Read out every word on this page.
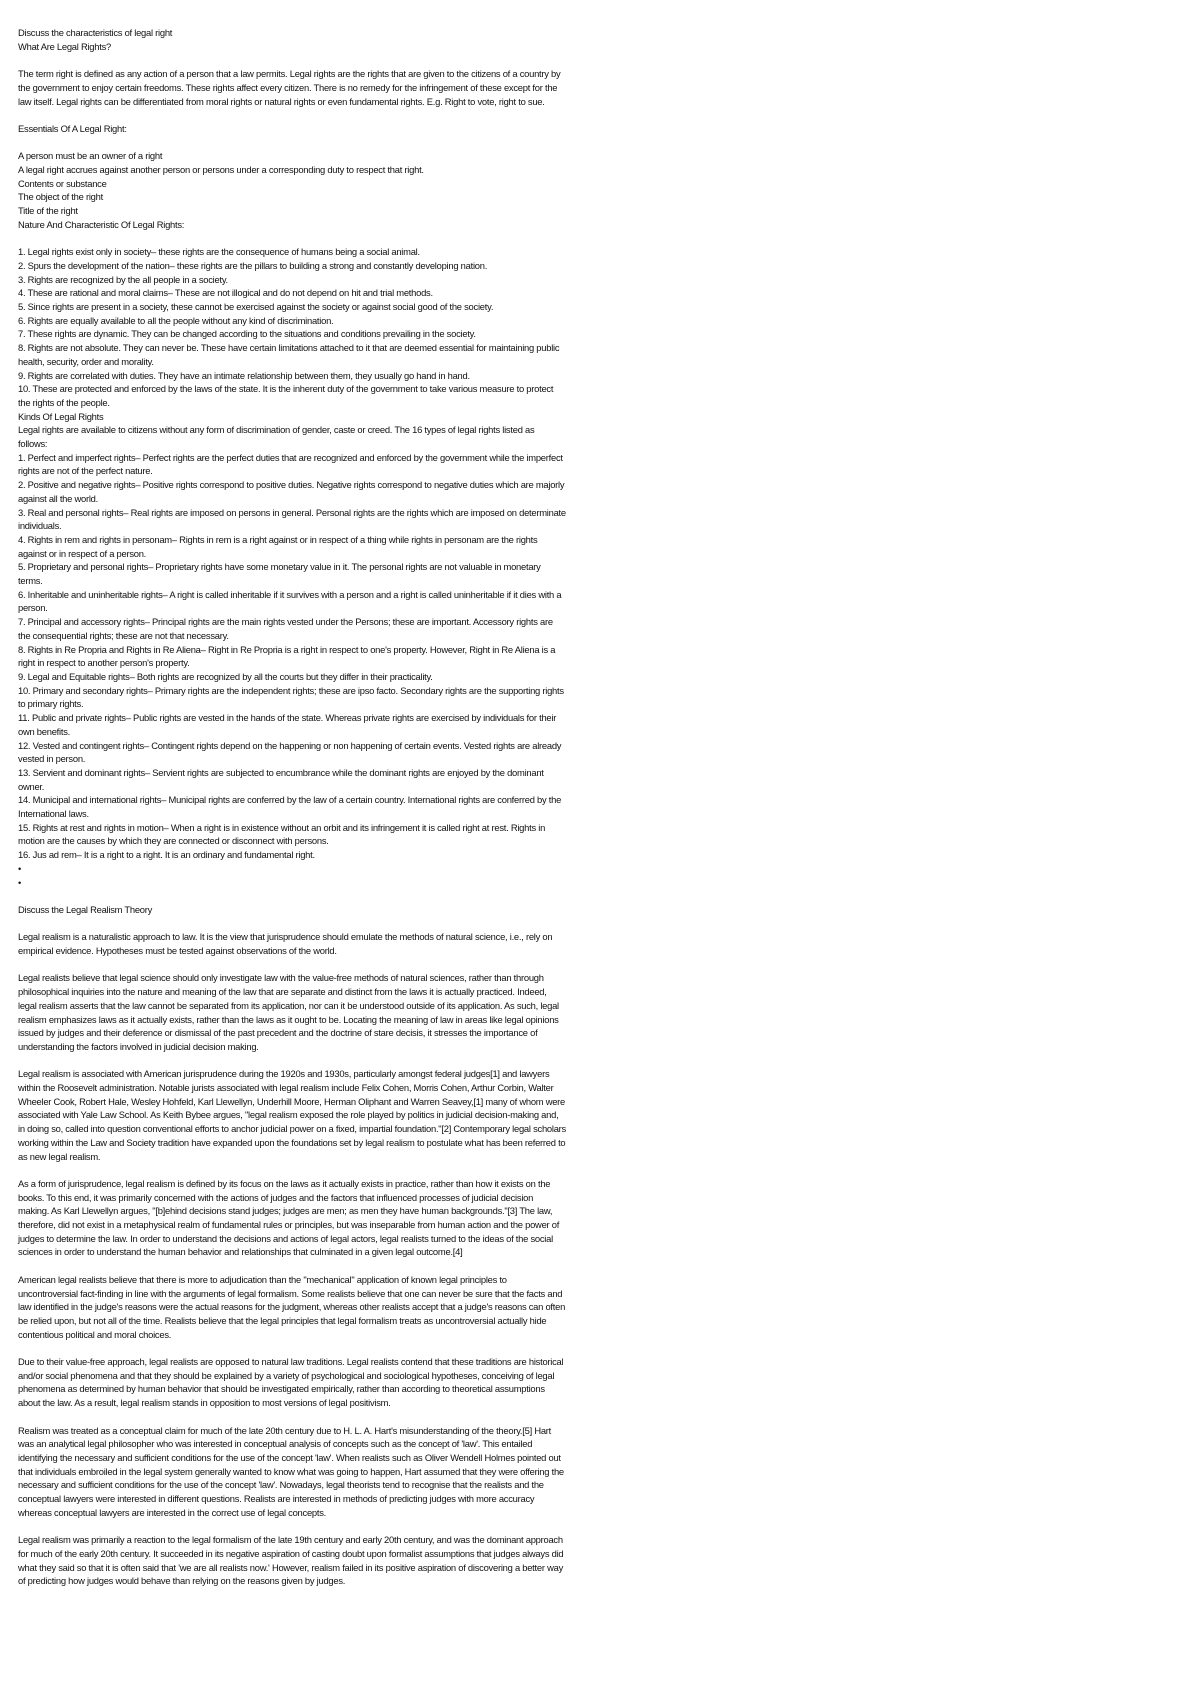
Discuss the characteristics of legal right
What Are Legal Rights?

The term right is defined as any action of a person that a law permits. Legal rights are the rights that are given to the citizens of a country by the government to enjoy certain freedoms. These rights affect every citizen. There is no remedy for the infringement of these except for the law itself. Legal rights can be differentiated from moral rights or natural rights or even fundamental rights. E.g. Right to vote, right to sue.

Essentials Of A Legal Right:
A person must be an owner of a right
A legal right accrues against another person or persons under a corresponding duty to respect that right.
Contents or substance
The object of the right
Title of the right
Nature And Characteristic Of Legal Rights:

1. Legal rights exist only in society– these rights are the consequence of humans being a social animal.

2. Spurs the development of the nation– these rights are the pillars to building a strong and constantly developing nation.

3. Rights are recognized by the all people in a society.

4. These are rational and moral claims– These are not illogical and do not depend on hit and trial methods.

5. Since rights are present in a society, these cannot be exercised against the society or against social good of the society.

6. Rights are equally available to all the people without any kind of discrimination.

7. These rights are dynamic. They can be changed according to the situations and conditions prevailing in the society.

8. Rights are not absolute. They can never be. These have certain limitations attached to it that are deemed essential for maintaining public health, security, order and morality.

9. Rights are correlated with duties. They have an intimate relationship between them, they usually go hand in hand.

10. These are protected and enforced by the laws of the state. It is the inherent duty of the government to take various measure to protect the rights of the people.

Kinds Of Legal Rights

Legal rights are available to citizens without any form of discrimination of gender, caste or creed. The 16 types of legal rights listed as follows:

1. Perfect and imperfect rights– Perfect rights are the perfect duties that are recognized and enforced by the government while the imperfect rights are not of the perfect nature.

2. Positive and negative rights– Positive rights correspond to positive duties. Negative rights correspond to negative duties which are majorly against all the world.

3. Real and personal rights– Real rights are imposed on persons in general. Personal rights are the rights which are imposed on determinate individuals.

4. Rights in rem and rights in personam– Rights in rem is a right against or in respect of a thing while rights in personam are the rights against or in respect of a person.

5. Proprietary and personal rights– Proprietary rights have some monetary value in it. The personal rights are not valuable in monetary terms.

6. Inheritable and uninheritable rights– A right is called inheritable if it survives with a person and a right is called uninheritable if it dies with a person.

7. Principal and accessory rights– Principal rights are the main rights vested under the Persons; these are important. Accessory rights are the consequential rights; these are not that necessary.

8. Rights in Re Propria and Rights in Re Aliena– Right in Re Propria is a right in respect to one's property. However, Right in Re Aliena is a right in respect to another person's property.

9. Legal and Equitable rights– Both rights are recognized by all the courts but they differ in their practicality.

10. Primary and secondary rights– Primary rights are the independent rights; these are ipso facto. Secondary rights are the supporting rights to primary rights.

11. Public and private rights– Public rights are vested in the hands of the state. Whereas private rights are exercised by individuals for their own benefits.

12. Vested and contingent rights– Contingent rights depend on the happening or non happening of certain events. Vested rights are already vested in person.

13. Servient and dominant rights– Servient rights are subjected to encumbrance while the dominant rights are enjoyed by the dominant owner.

14. Municipal and international rights– Municipal rights are conferred by the law of a certain country. International rights are conferred by the International laws.

15. Rights at rest and rights in motion– When a right is in existence without an orbit and its infringement it is called right at rest. Rights in motion are the causes by which they are connected or disconnect with persons.

16. Jus ad rem– It is a right to a right. It is an ordinary and fundamental right.

•
•
Discuss the Legal Realism Theory

Legal realism is a naturalistic approach to law. It is the view that jurisprudence should emulate the methods of natural science, i.e., rely on empirical evidence. Hypotheses must be tested against observations of the world.

Legal realists believe that legal science should only investigate law with the value-free methods of natural sciences, rather than through philosophical inquiries into the nature and meaning of the law that are separate and distinct from the laws it is actually practiced. Indeed, legal realism asserts that the law cannot be separated from its application, nor can it be understood outside of its application. As such, legal realism emphasizes laws as it actually exists, rather than the laws as it ought to be. Locating the meaning of law in areas like legal opinions issued by judges and their deference or dismissal of the past precedent and the doctrine of stare decisis, it stresses the importance of understanding the factors involved in judicial decision making.

Legal realism is associated with American jurisprudence during the 1920s and 1930s, particularly amongst federal judges[1] and lawyers within the Roosevelt administration. Notable jurists associated with legal realism include Felix Cohen, Morris Cohen, Arthur Corbin, Walter Wheeler Cook, Robert Hale, Wesley Hohfeld, Karl Llewellyn, Underhill Moore, Herman Oliphant and Warren Seavey,[1] many of whom were associated with Yale Law School. As Keith Bybee argues, "legal realism exposed the role played by politics in judicial decision-making and, in doing so, called into question conventional efforts to anchor judicial power on a fixed, impartial foundation."[2] Contemporary legal scholars working within the Law and Society tradition have expanded upon the foundations set by legal realism to postulate what has been referred to as new legal realism.

As a form of jurisprudence, legal realism is defined by its focus on the laws as it actually exists in practice, rather than how it exists on the books. To this end, it was primarily concerned with the actions of judges and the factors that influenced processes of judicial decision making. As Karl Llewellyn argues, "[b]ehind decisions stand judges; judges are men; as men they have human backgrounds."[3] The law, therefore, did not exist in a metaphysical realm of fundamental rules or principles, but was inseparable from human action and the power of judges to determine the law. In order to understand the decisions and actions of legal actors, legal realists turned to the ideas of the social sciences in order to understand the human behavior and relationships that culminated in a given legal outcome.[4]

American legal realists believe that there is more to adjudication than the "mechanical" application of known legal principles to uncontroversial fact-finding in line with the arguments of legal formalism. Some realists believe that one can never be sure that the facts and law identified in the judge's reasons were the actual reasons for the judgment, whereas other realists accept that a judge's reasons can often be relied upon, but not all of the time. Realists believe that the legal principles that legal formalism treats as uncontroversial actually hide contentious political and moral choices.

Due to their value-free approach, legal realists are opposed to natural law traditions. Legal realists contend that these traditions are historical and/or social phenomena and that they should be explained by a variety of psychological and sociological hypotheses, conceiving of legal phenomena as determined by human behavior that should be investigated empirically, rather than according to theoretical assumptions about the law. As a result, legal realism stands in opposition to most versions of legal positivism.

Realism was treated as a conceptual claim for much of the late 20th century due to H. L. A. Hart's misunderstanding of the theory.[5] Hart was an analytical legal philosopher who was interested in conceptual analysis of concepts such as the concept of 'law'. This entailed identifying the necessary and sufficient conditions for the use of the concept 'law'. When realists such as Oliver Wendell Holmes pointed out that individuals embroiled in the legal system generally wanted to know what was going to happen, Hart assumed that they were offering the necessary and sufficient conditions for the use of the concept 'law'. Nowadays, legal theorists tend to recognise that the realists and the conceptual lawyers were interested in different questions. Realists are interested in methods of predicting judges with more accuracy whereas conceptual lawyers are interested in the correct use of legal concepts.

Legal realism was primarily a reaction to the legal formalism of the late 19th century and early 20th century, and was the dominant approach for much of the early 20th century. It succeeded in its negative aspiration of casting doubt upon formalist assumptions that judges always did what they said so that it is often said that 'we are all realists now.' However, realism failed in its positive aspiration of discovering a better way of predicting how judges would behave than relying on the reasons given by judges.
